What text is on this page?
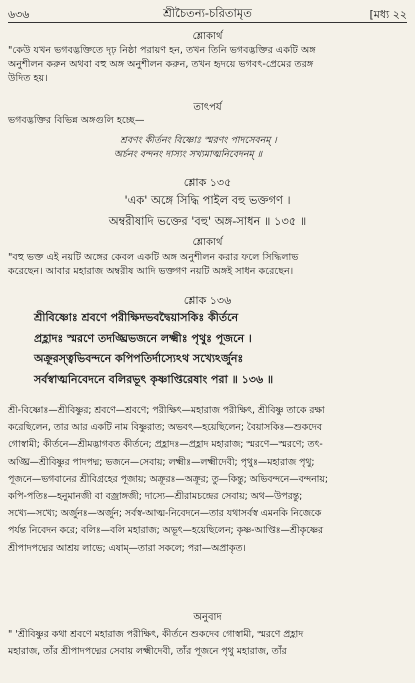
৬৩৬	শ্রীচৈতন্য-চরিতামৃত	[মধ্য ২২
শ্লোকার্থ
"কেউ যখন ভগবদ্ভক্তিতে দৃঢ় নিষ্ঠা পরায়ণ হন, তখন তিনি ভগবদ্ভক্তির একটি অঙ্গ
অনুশীলন করুন অথবা বহু অঙ্গ অনুশীলন করুন, তখন হৃদয়ে ভগবৎ-প্রেমের তরঙ্গ
উদিত হয়।
তাৎপর্য
ভগবদ্ভক্তির বিভিন্ন অঙ্গগুলি হচ্ছে—
শ্রবণং কীর্তনং বিষ্ণোঃ স্মরণং পাদসেবনম্ ।
অর্চনং বন্দনং দাস্যং সখ্যমাত্মনিবেদনম্ ॥
শ্লোক ১৩৫
'এক' অঙ্গে সিদ্ধি পাইল বহু ভক্তগণ ।
অম্বরীষাদি ভক্তের 'বহু' অঙ্গ-সাধন ॥ ১৩৫ ॥
শ্লোকার্থ
"বহু ভক্ত এই নয়টি অঙ্গের কেবল একটি অঙ্গ অনুশীলন করার ফলে সিদ্ধিলাভ
করেছেন। আবার মহারাজ অম্বরীষ আদি ভক্তগণ নয়টি অঙ্গই সাধন করেছেন।
শ্লোক ১৩৬
শ্রীবিষ্ণোঃ শ্রবণে পরীক্ষিদভবদ্বৈয়াসকিঃ কীর্তনে
প্রহ্লাদঃ স্মরণে তদঙ্ঘ্রিভজনে লক্ষ্মীঃ পৃথুঃ পূজনে ।
অক্রূরস্ত্বভিবন্দনে কপিপতির্দাস্যেঽথ সখ্যেঽর্জুনঃ
সর্বস্বাত্মনিবেদনে বলিরভূৎ কৃষ্ণাপ্তিরেষাং পরা ॥ ১৩৬ ॥
শ্রী-বিষ্ণোঃ—শ্রীবিষ্ণুর; শ্রবণে—শ্রবণে; পরীক্ষিৎ—মহারাজ পরীক্ষিৎ, শ্রীবিষ্ণু তাকে রক্ষা
করেছিলেন, তার আর একটি নাম বিষ্ণুরাত; অভবৎ—হয়েছিলেন; বৈয়াসকিঃ—শুকদেব
গোস্বামী; কীর্তনে—শ্রীমদ্ভাগবত কীর্তনে; প্রহ্লাদঃ—প্রহ্লাদ মহারাজ; স্মরণে—স্মরণে; তৎ-
অঙ্ঘ্রি—শ্রীবিষ্ণুর পাদপদ্ম; ভজনে—সেবায়; লক্ষ্মীঃ—লক্ষ্মীদেবী; পৃথুঃ—মহারাজ পৃথু;
পূজনে—ভগবানের শ্রীবিগ্রহের পূজায়; অক্রূরঃ—অক্রূর; তু—কিন্তু; অভিবন্দনে—বন্দনায়;
কপি-পতিঃ—হনুমানজী বা বজ্রাঙ্গজী; দাস্যে—শ্রীরামচন্দ্রের সেবায়; অথ—উপরন্তু;
সখ্যে—সখ্যে; অর্জুনঃ—অর্জুন; সর্বস্ব-আত্ম-নিবেদনে—তার যথাসর্বস্ব এমনকি নিজেকে
পর্যন্ত নিবেদন করে; বলিঃ—বলি মহারাজ; অভূৎ—হয়েছিলেন; কৃষ্ণ-আপ্তিঃ—শ্রীকৃষ্ণের
শ্রীপাদপদ্মের আশ্রয় লাভে; এষাম্—তারা সকলে; পরা—অপ্রাকৃত।
অনুবাদ
" 'শ্রীবিষ্ণুর কথা শ্রবণে মহারাজ পরীক্ষিৎ, কীর্তনে শুকদেব গোস্বামী, স্মরণে প্রহ্লাদ
মহারাজ, তাঁর শ্রীপাদপদ্মের সেবায় লক্ষ্মীদেবী, তাঁর পূজনে পৃথু মহারাজ, তাঁর
